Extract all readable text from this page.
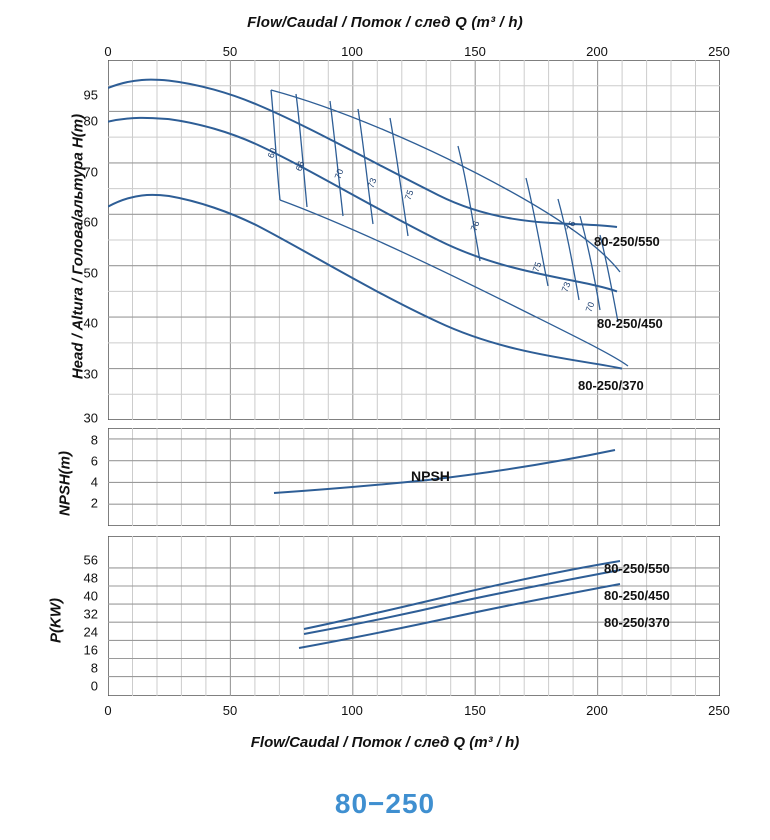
Flow/Caudal / Поток / след Q (m³ / h)
0	50	100	150	200	250
Head / Altura / Голова/альтура H(m)
95
80
70
60
50
40
30
30
60
66
70
73
75
76	76
75
73
70
80-250/550
80-250/450
80-250/370
NPSH(m)
8
6
4
2
NPSH
P(KW)
56
48
40
32
24
16
8
0
80-250/550
80-250/450
80-250/370
0	50	100	150	200	250
Flow/Caudal / Поток / след Q (m³ / h)
80−250
